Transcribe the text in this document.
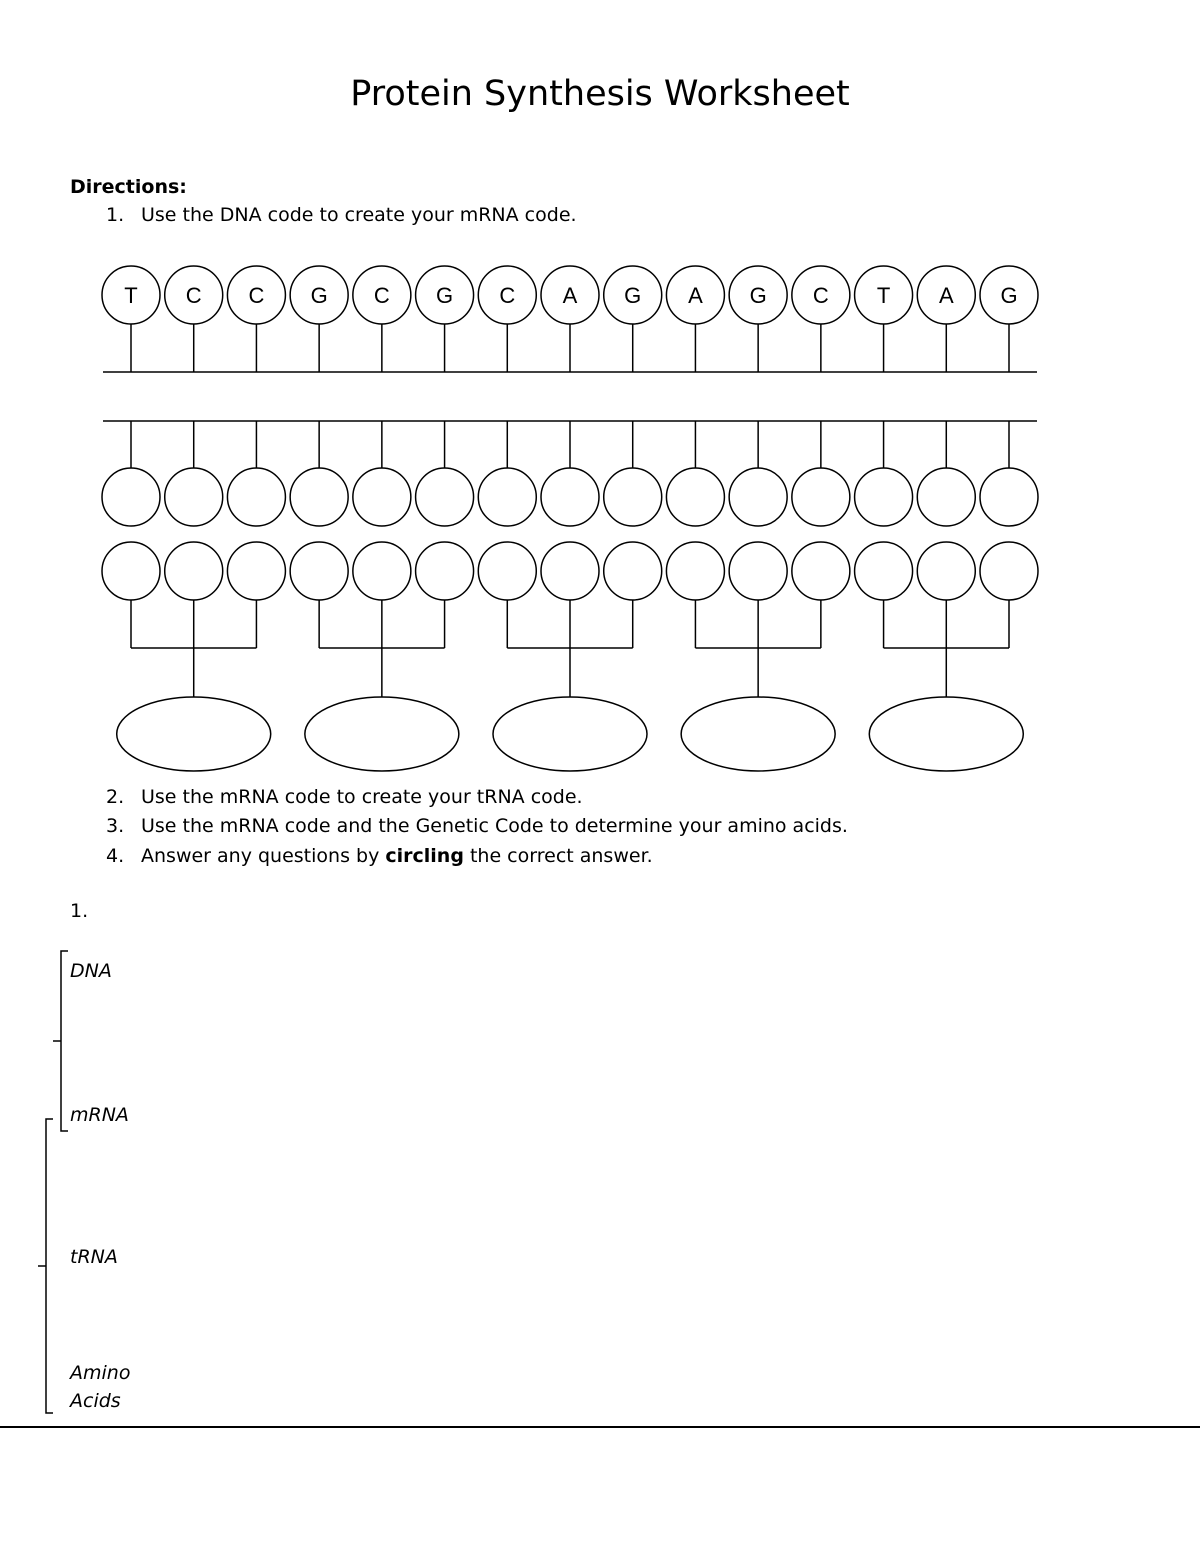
Protein Synthesis Worksheet
Directions:
1. Use the DNA code to create your mRNA code.
T C C G C G C A G A G C T A G
2. Use the mRNA code to create your tRNA code.
3. Use the mRNA code and the Genetic Code to determine your amino acids.
4. Answer any questions by circling the correct answer.
1.
DNA
mRNA
tRNA
Amino
Acids
